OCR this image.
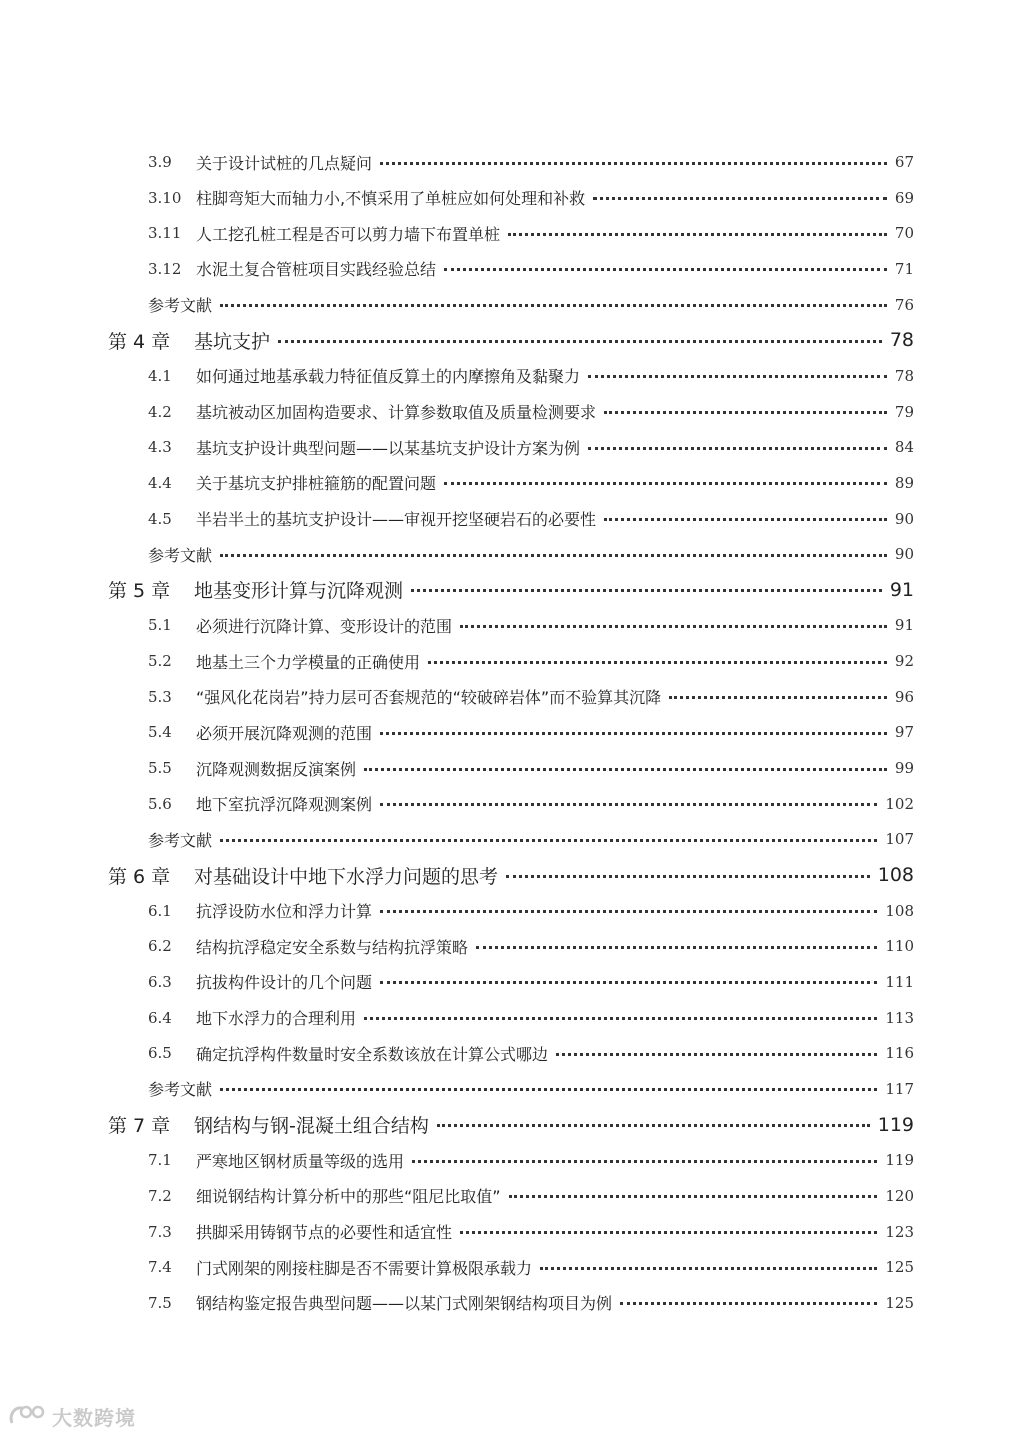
3.9	关于设计试桩的几点疑问	67
3.10 柱脚弯矩大而轴力小,不慎采用了单桩应如何处理和补救	69
3.11 人工挖孔桩工程是否可以剪力墙下布置单桩	70
3.12 水泥土复合管桩项目实践经验总结	71
参考文献	76
第 4 章	基坑支护	78
4.1	如何通过地基承载力特征值反算土的内摩擦角及黏聚力	78
4.2	基坑被动区加固构造要求、计算参数取值及质量检测要求	79
4.3	基坑支护设计典型问题——以某基坑支护设计方案为例	84
4.4	关于基坑支护排桩箍筋的配置问题	89
4.5	半岩半土的基坑支护设计——审视开挖坚硬岩石的必要性	90
参考文献	90
第 5 章	地基变形计算与沉降观测	91
5.1	必须进行沉降计算、变形设计的范围	91
5.2	地基土三个力学模量的正确使用	92
5.3	“强风化花岗岩”持力层可否套规范的“较破碎岩体”而不验算其沉降	96
5.4	必须开展沉降观测的范围	97
5.5	沉降观测数据反演案例	99
5.6	地下室抗浮沉降观测案例	102
参考文献	107
第 6 章	对基础设计中地下水浮力问题的思考	108
6.1	抗浮设防水位和浮力计算	108
6.2	结构抗浮稳定安全系数与结构抗浮策略	110
6.3	抗拔构件设计的几个问题	111
6.4	地下水浮力的合理利用	113
6.5	确定抗浮构件数量时安全系数该放在计算公式哪边	116
参考文献	117
第 7 章	钢结构与钢-混凝土组合结构	119
7.1	严寒地区钢材质量等级的选用	119
7.2	细说钢结构计算分析中的那些“阻尼比取值”	120
7.3	拱脚采用铸钢节点的必要性和适宜性	123
7.4	门式刚架的刚接柱脚是否不需要计算极限承载力	125
7.5	钢结构鉴定报告典型问题——以某门式刚架钢结构项目为例	125
大数跨境
